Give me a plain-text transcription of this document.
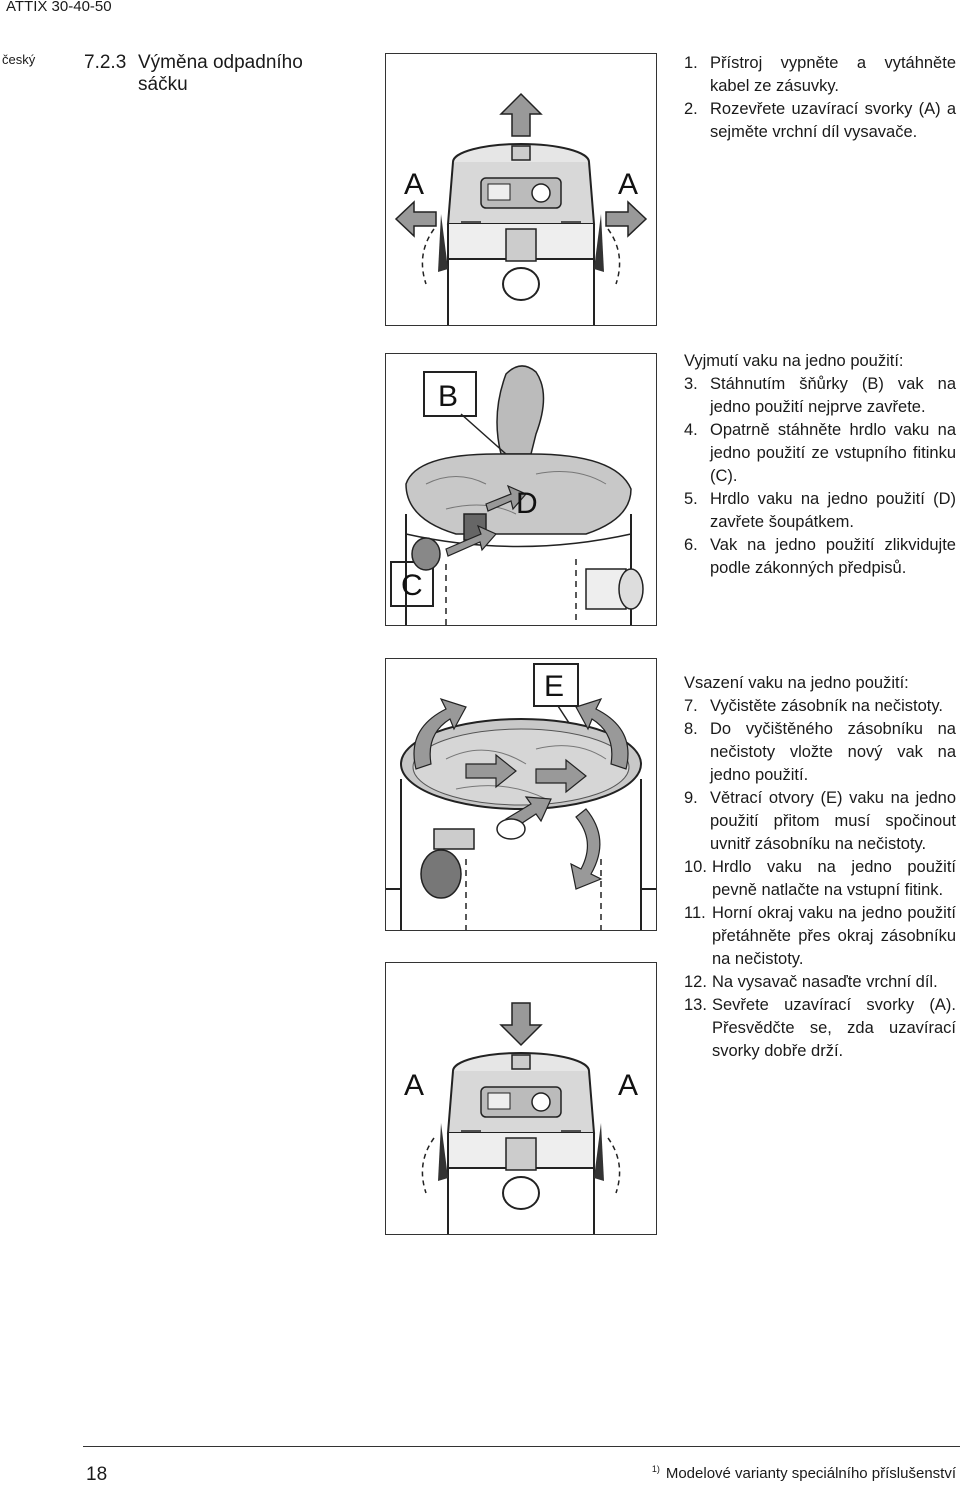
ATTIX 30-40-50
český	7.2.3 Výměna odpadního sáčku
A	A
B
D
C
E
A	A
1. Přístroj vypněte a vytáhněte kabel ze zásuvky.
2. Rozevřete uzavírací svorky (A) a sejměte vrchní díl vysavače.
Vyjmutí vaku na jedno použití:
3. Stáhnutím šňůrky (B) vak na jedno použití nejprve zavřete.
4. Opatrně stáhněte hrdlo vaku na jedno použití ze vstupního fitinku (C).
5. Hrdlo vaku na jedno použití (D) zavřete šoupátkem.
6. Vak na jedno použití zlikvidujte podle zákonných předpisů.
Vsazení vaku na jedno použití:
7. Vyčistěte zásobník na nečistoty.
8. Do vyčištěného zásobníku na nečistoty vložte nový vak na jedno použití.
9. Větrací otvory (E) vaku na jedno použití přitom musí spočinout uvnitř zásobníku na nečistoty.
10. Hrdlo vaku na jedno použití pevně natlačte na vstupní fitink.
11. Horní okraj vaku na jedno použití přetáhněte přes okraj zásobníku na nečistoty.
12. Na vysavač nasaďte vrchní díl.
13. Sevřete uzavírací svorky (A). Přesvědčte se, zda uzavírací svorky dobře drží.
18	$^{1)}$ Modelové varianty speciálního příslušenství
